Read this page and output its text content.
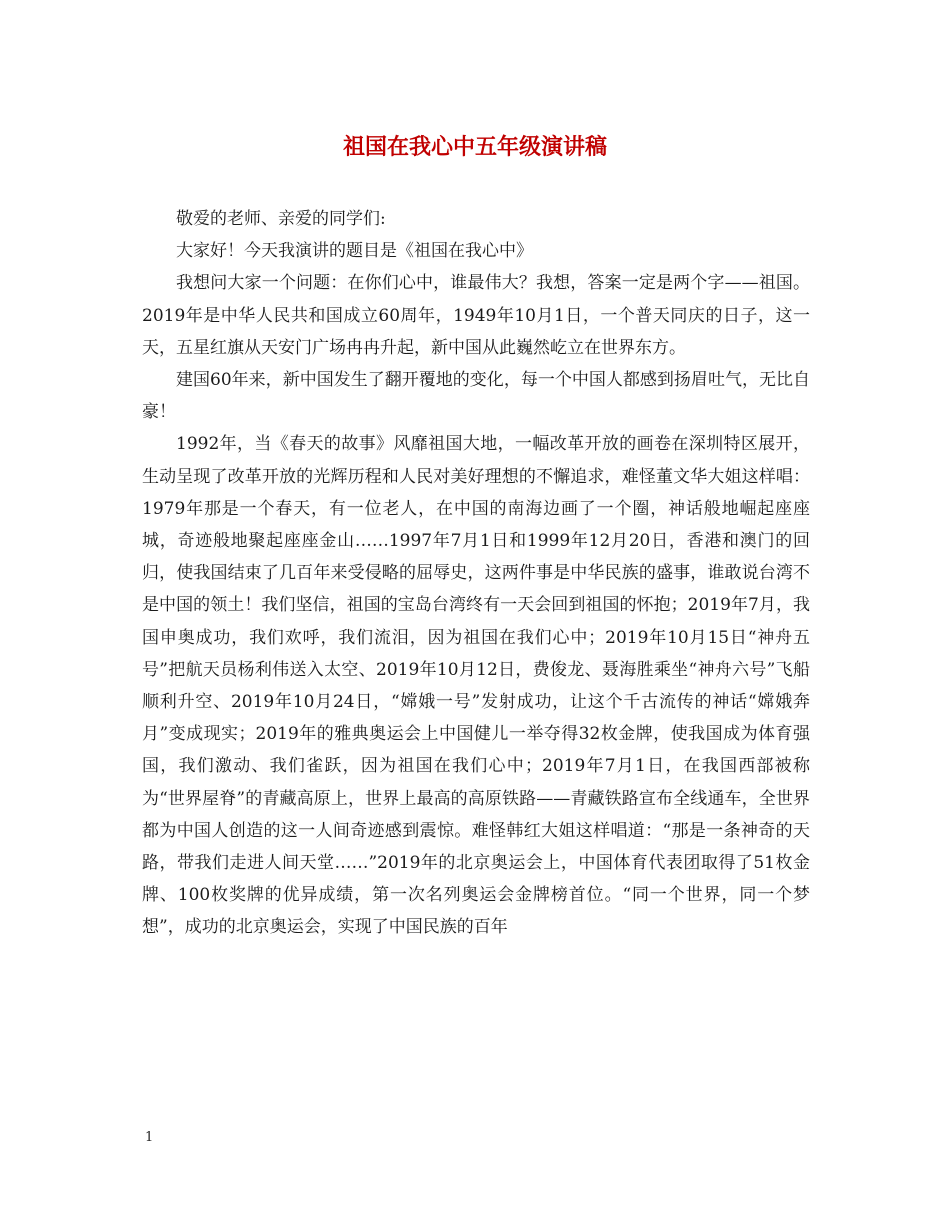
祖国在我心中五年级演讲稿

敬爱的老师、亲爱的同学们:

大家好！今天我演讲的题目是《祖国在我心中》

我想问大家一个问题：在你们心中，谁最伟大？我想，答案一定是两个字——祖国。2019年是中华人民共和国成立60周年，1949年10月1日，一个普天同庆的日子，这一天，五星红旗从天安门广场冉冉升起，新中国从此巍然屹立在世界东方。

建国60年来，新中国发生了翻开覆地的变化，每一个中国人都感到扬眉吐气，无比自豪！

1992年，当《春天的故事》风靡祖国大地，一幅改革开放的画卷在深圳特区展开，生动呈现了改革开放的光辉历程和人民对美好理想的不懈追求，难怪董文华大姐这样唱：1979年那是一个春天，有一位老人，在中国的南海边画了一个圈，神话般地崛起座座城，奇迹般地聚起座座金山……1997年7月1日和1999年12月20日，香港和澳门的回归，使我国结束了几百年来受侵略的屈辱史，这两件事是中华民族的盛事，谁敢说台湾不是中国的领土！我们坚信，祖国的宝岛台湾终有一天会回到祖国的怀抱；2019年7月，我国申奥成功，我们欢呼，我们流泪，因为祖国在我们心中；2019年10月15日“神舟五号”把航天员杨利伟送入太空、2019年10月12日，费俊龙、聂海胜乘坐“神舟六号”飞船顺利升空、2019年10月24日，“嫦娥一号”发射成功，让这个千古流传的神话“嫦娥奔月”变成现实；2019年的雅典奥运会上中国健儿一举夺得32枚金牌，使我国成为体育强国，我们激动、我们雀跃，因为祖国在我们心中；2019年7月1日，在我国西部被称为“世界屋脊”的青藏高原上，世界上最高的高原铁路——青藏铁路宣布全线通车，全世界都为中国人创造的这一人间奇迹感到震惊。难怪韩红大姐这样唱道：“那是一条神奇的天路，带我们走进人间天堂……”2019年的北京奥运会上，中国体育代表团取得了51枚金牌、100枚奖牌的优异成绩，第一次名列奥运会金牌榜首位。“同一个世界，同一个梦想”，成功的北京奥运会，实现了中国民族的百年

1
